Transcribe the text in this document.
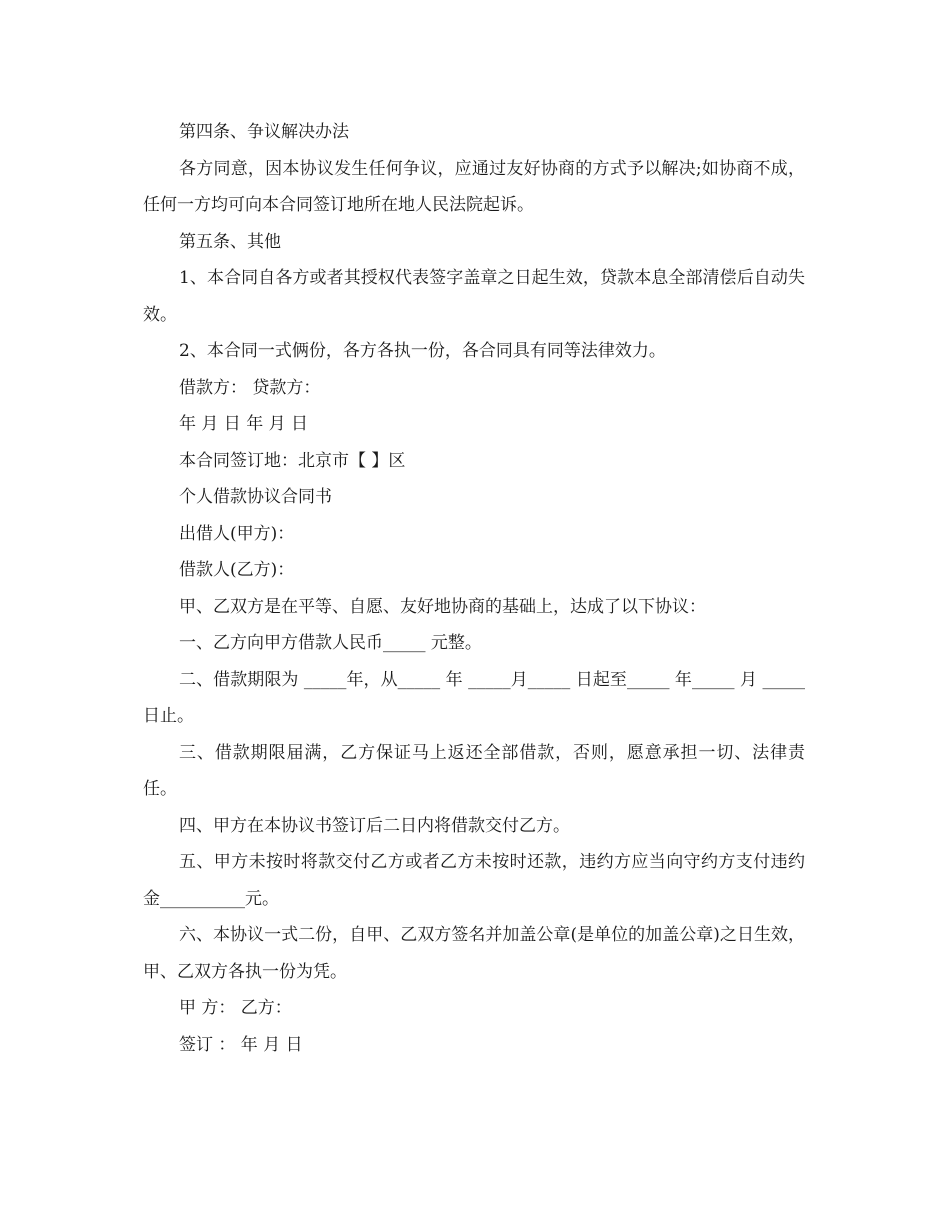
第四条、争议解决办法

各方同意，因本协议发生任何争议，应通过友好协商的方式予以解决;如协商不成，任何一方均可向本合同签订地所在地人民法院起诉。

第五条、其他

1、本合同自各方或者其授权代表签字盖章之日起生效，贷款本息全部清偿后自动失效。

2、本合同一式俩份，各方各执一份，各合同具有同等法律效力。

借款方： 贷款方：

年 月 日 年 月 日

本合同签订地：北京市【 】区

个人借款协议合同书

出借人(甲方)：

借款人(乙方)：

甲、乙双方是在平等、自愿、友好地协商的基础上，达成了以下协议：

一、乙方向甲方借款人民币_____ 元整。

二、借款期限为 _____年，从_____ 年 _____月_____ 日起至_____ 年_____ 月 _____日止。

三、借款期限届满，乙方保证马上返还全部借款，否则，愿意承担一切、法律责任。

四、甲方在本协议书签订后二日内将借款交付乙方。

五、甲方未按时将款交付乙方或者乙方未按时还款，违约方应当向守约方支付违约金__________元。

六、本协议一式二份，自甲、乙双方签名并加盖公章(是单位的加盖公章)之日生效，甲、乙双方各执一份为凭。

甲 方： 乙方：

签订 ： 年 月 日
